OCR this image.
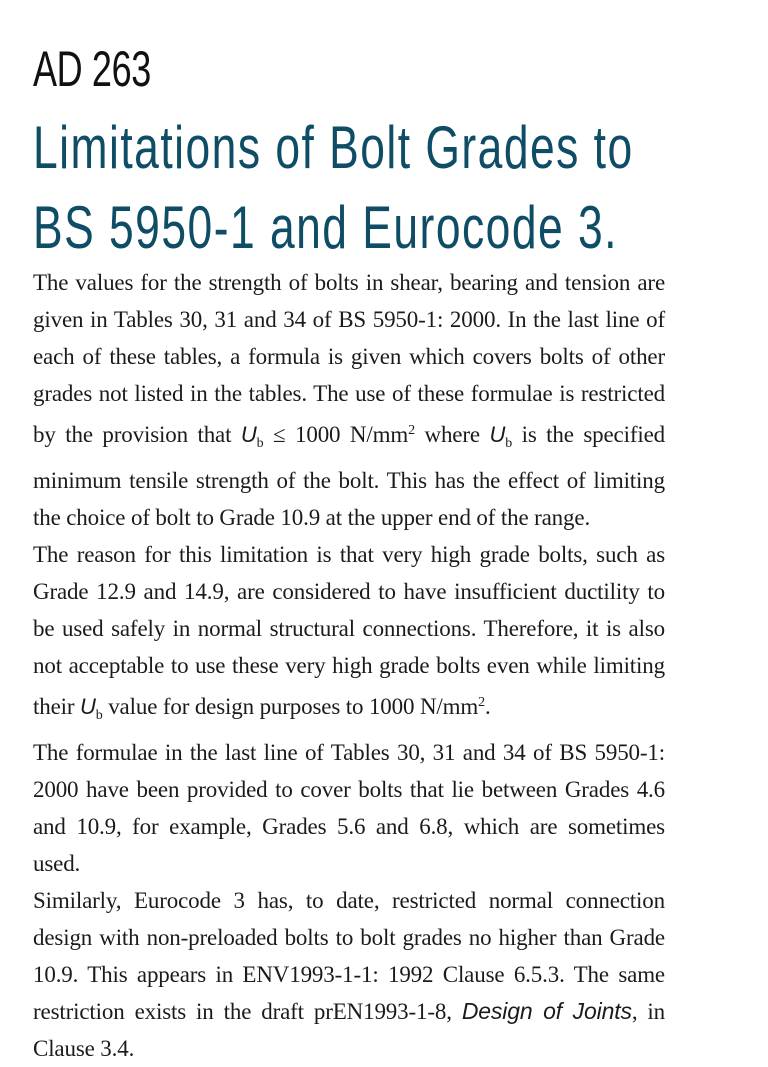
AD 263
Limitations of Bolt Grades to
BS 5950-1 and Eurocode 3.

The values for the strength of bolts in shear, bearing and tension are given in Tables 30, 31 and 34 of BS 5950-1: 2000. In the last line of each of these tables, a formula is given which covers bolts of other grades not listed in the tables. The use of these formulae is restricted by the provision that $U_b \le 1000$ $N/mm^2$ where $U_b$ is the specified minimum tensile strength of the bolt. This has the effect of limiting the choice of bolt to Grade 10.9 at the upper end of the range.

The reason for this limitation is that very high grade bolts, such as Grade 12.9 and 14.9, are considered to have insufficient ductility to be used safely in normal structural connections. Therefore, it is also not acceptable to use these very high grade bolts even while limiting their $U_b$ value for design purposes to 1000 $N/mm^2$.

The formulae in the last line of Tables 30, 31 and 34 of BS 5950-1: 2000 have been provided to cover bolts that lie between Grades 4.6 and 10.9, for example, Grades 5.6 and 6.8, which are sometimes used.

Similarly, Eurocode 3 has, to date, restricted normal connection design with non-preloaded bolts to bolt grades no higher than Grade 10.9. This appears in ENV1993-1-1: 1992 Clause 6.5.3. The same restriction exists in the draft prEN1993-1-8, Design of Joints, in Clause 3.4.
